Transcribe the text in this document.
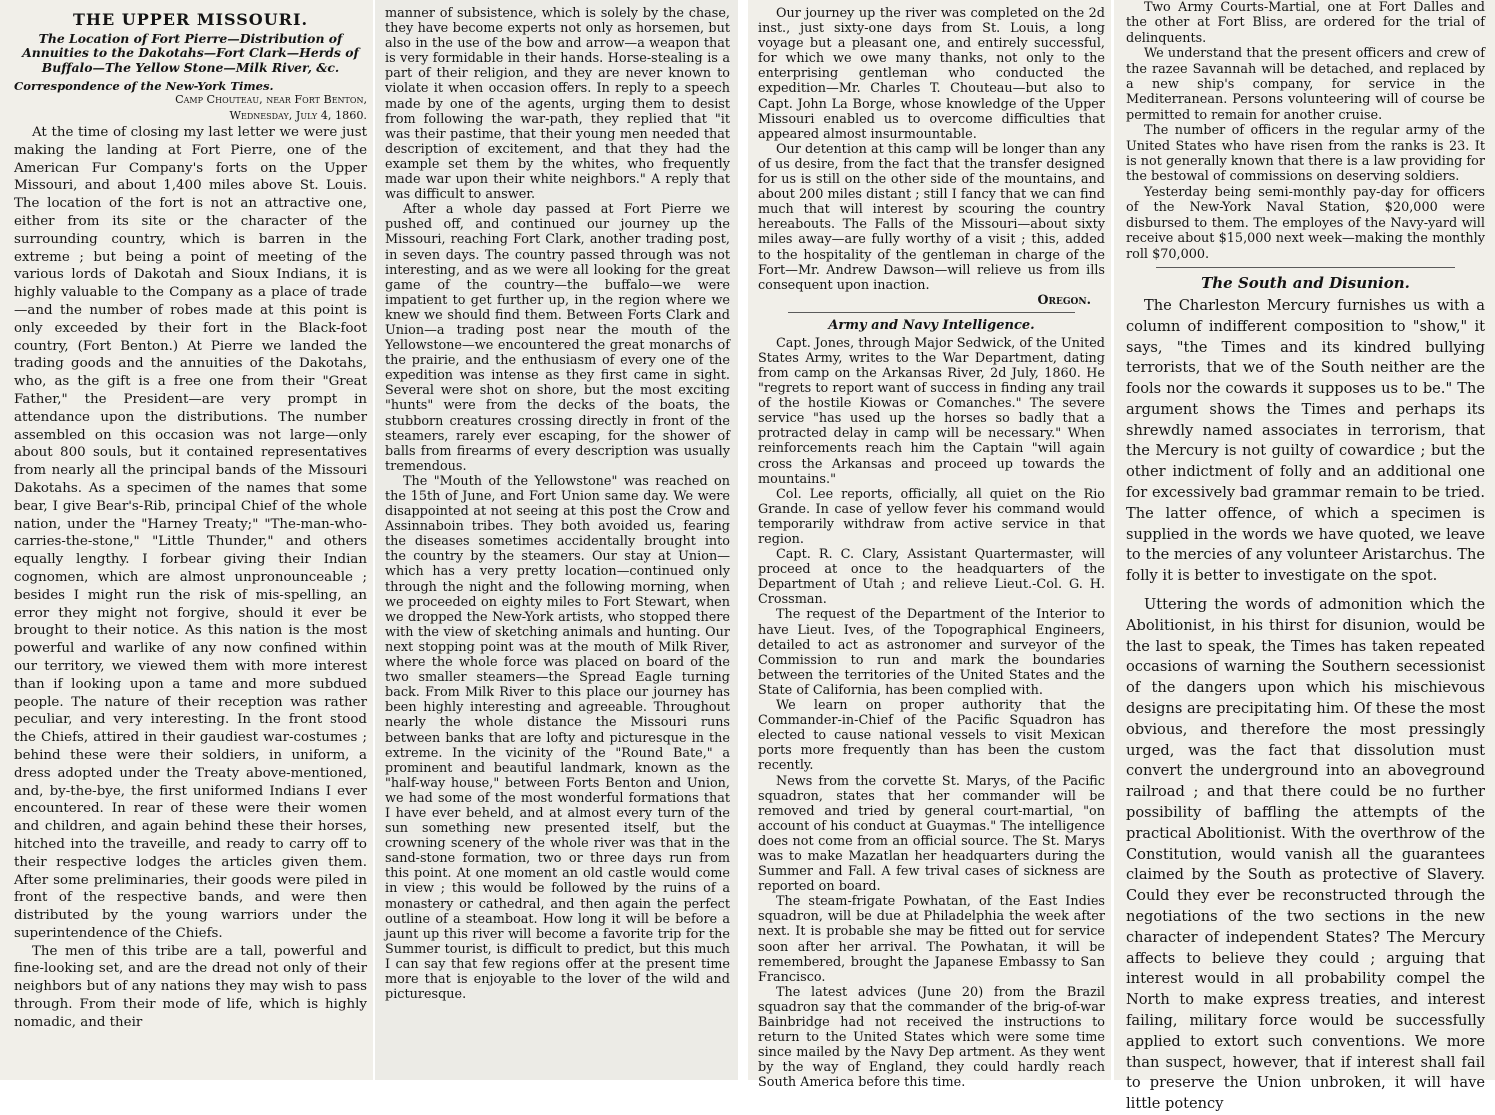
THE UPPER MISSOURI.
The Location of Fort Pierre—Distribution of Annuities to the Dakotahs—Fort Clark—Herds of Buffalo—The Yellow Stone—Milk River, &c.
Correspondence of the New-York Times.
Camp Chouteau, near Fort Benton,
Wednesday, July 4, 1860.

At the time of closing my last letter we were just making the landing at Fort Pierre, one of the American Fur Company's forts on the Upper Missouri, and about 1,400 miles above St. Louis. The location of the fort is not an attractive one, either from its site or the character of the surrounding country, which is barren in the extreme ; but being a point of meeting of the various lords of Dakotah and Sioux Indians, it is highly valuable to the Company as a place of trade —and the number of robes made at this point is only exceeded by their fort in the Black-foot country, (Fort Benton.) At Pierre we landed the trading goods and the annuities of the Dakotahs, who, as the gift is a free one from their "Great Father," the President—are very prompt in attendance upon the distributions. The number assembled on this occasion was not large—only about 800 souls, but it contained representatives from nearly all the principal bands of the Missouri Dakotahs. As a specimen of the names that some bear, I give Bear's-Rib, principal Chief of the whole nation, under the "Harney Treaty;" "The-man-who-carries-the-stone," "Little Thunder," and others equally lengthy. I forbear giving their Indian cognomen, which are almost unpronounceable ; besides I might run the risk of mis-spelling, an error they might not forgive, should it ever be brought to their notice. As this nation is the most powerful and warlike of any now confined within our territory, we viewed them with more interest than if looking upon a tame and more subdued people. The nature of their reception was rather peculiar, and very interesting. In the front stood the Chiefs, attired in their gaudiest war-costumes ; behind these were their soldiers, in uniform, a dress adopted under the Treaty above-mentioned, and, by-the-bye, the first uniformed Indians I ever encountered. In rear of these were their women and children, and again behind these their horses, hitched into the traveille, and ready to carry off to their respective lodges the articles given them. After some preliminaries, their goods were piled in front of the respective bands, and were then distributed by the young warriors under the superintendence of the Chiefs.

The men of this tribe are a tall, powerful and fine-looking set, and are the dread not only of their neighbors but of any nations they may wish to pass through. From their mode of life, which is highly nomadic, and their

manner of subsistence, which is solely by the chase, they have become experts not only as horsemen, but also in the use of the bow and arrow—a weapon that is very formidable in their hands. Horse-stealing is a part of their religion, and they are never known to violate it when occasion offers. In reply to a speech made by one of the agents, urging them to desist from following the war-path, they replied that "it was their pastime, that their young men needed that description of excitement, and that they had the example set them by the whites, who frequently made war upon their white neighbors." A reply that was difficult to answer.

After a whole day passed at Fort Pierre we pushed off, and continued our journey up the Missouri, reaching Fort Clark, another trading post, in seven days. The country passed through was not interesting, and as we were all looking for the great game of the country—the buffalo—we were impatient to get further up, in the region where we knew we should find them. Between Forts Clark and Union—a trading post near the mouth of the Yellowstone—we encountered the great monarchs of the prairie, and the enthusiasm of every one of the expedition was intense as they first came in sight. Several were shot on shore, but the most exciting "hunts" were from the decks of the boats, the stubborn creatures crossing directly in front of the steamers, rarely ever escaping, for the shower of balls from firearms of every description was usually tremendous.

The "Mouth of the Yellowstone" was reached on the 15th of June, and Fort Union same day. We were disappointed at not seeing at this post the Crow and Assinnaboin tribes. They both avoided us, fearing the diseases sometimes accidentally brought into the country by the steamers. Our stay at Union—which has a very pretty location—continued only through the night and the following morning, when we proceeded on eighty miles to Fort Stewart, when we dropped the New-York artists, who stopped there with the view of sketching animals and hunting. Our next stopping point was at the mouth of Milk River, where the whole force was placed on board of the two smaller steamers—the Spread Eagle turning back. From Milk River to this place our journey has been highly interesting and agreeable. Throughout nearly the whole distance the Missouri runs between banks that are lofty and picturesque in the extreme. In the vicinity of the "Round Bate," a prominent and beautiful landmark, known as the "half-way house," between Forts Benton and Union, we had some of the most wonderful formations that I have ever beheld, and at almost every turn of the sun something new presented itself, but the crowning scenery of the whole river was that in the sand-stone formation, two or three days run from this point. At one moment an old castle would come in view ; this would be followed by the ruins of a monastery or cathedral, and then again the perfect outline of a steamboat. How long it will be before a jaunt up this river will become a favorite trip for the Summer tourist, is difficult to predict, but this much I can say that few regions offer at the present time more that is enjoyable to the lover of the wild and picturesque.

Our journey up the river was completed on the 2d inst., just sixty-one days from St. Louis, a long voyage but a pleasant one, and entirely successful, for which we owe many thanks, not only to the enterprising gentleman who conducted the expedition—Mr. Charles T. Chouteau—but also to Capt. John La Borge, whose knowledge of the Upper Missouri enabled us to overcome difficulties that appeared almost insurmountable.

Our detention at this camp will be longer than any of us desire, from the fact that the transfer designed for us is still on the other side of the mountains, and about 200 miles distant ; still I fancy that we can find much that will interest by scouring the country hereabouts. The Falls of the Missouri—about sixty miles away—are fully worthy of a visit ; this, added to the hospitality of the gentleman in charge of the Fort—Mr. Andrew Dawson—will relieve us from ills consequent upon inaction.

Oregon.
Army and Navy Intelligence.

Capt. Jones, through Major Sedwick, of the United States Army, writes to the War Department, dating from camp on the Arkansas River, 2d July, 1860. He "regrets to report want of success in finding any trail of the hostile Kiowas or Comanches." The severe service "has used up the horses so badly that a protracted delay in camp will be necessary." When reinforcements reach him the Captain "will again cross the Arkansas and proceed up towards the mountains."

Col. Lee reports, officially, all quiet on the Rio Grande. In case of yellow fever his command would temporarily withdraw from active service in that region.

Capt. R. C. Clary, Assistant Quartermaster, will proceed at once to the headquarters of the Department of Utah ; and relieve Lieut.-Col. G. H. Crossman.

The request of the Department of the Interior to have Lieut. Ives, of the Topographical Engineers, detailed to act as astronomer and surveyor of the Commission to run and mark the boundaries between the territories of the United States and the State of California, has been complied with.

We learn on proper authority that the Commander-in-Chief of the Pacific Squadron has elected to cause national vessels to visit Mexican ports more frequently than has been the custom recently.

News from the corvette St. Marys, of the Pacific squadron, states that her commander will be removed and tried by general court-martial, "on account of his conduct at Guaymas." The intelligence does not come from an official source. The St. Marys was to make Mazatlan her headquarters during the Summer and Fall. A few trival cases of sickness are reported on board.

The steam-frigate Powhatan, of the East Indies squadron, will be due at Philadelphia the week after next. It is probable she may be fitted out for service soon after her arrival. The Powhatan, it will be remembered, brought the Japanese Embassy to San Francisco.

The latest advices (June 20) from the Brazil squadron say that the commander of the brig-of-war Bainbridge had not received the instructions to return to the United States which were some time since mailed by the Navy Dep artment. As they went by the way of England, they could hardly reach South America before this time.

Two Army Courts-Martial, one at Fort Dalles and the other at Fort Bliss, are ordered for the trial of delinquents.

We understand that the present officers and crew of the razee Savannah will be detached, and replaced by a new ship's company, for service in the Mediterranean. Persons volunteering will of course be permitted to remain for another cruise.

The number of officers in the regular army of the United States who have risen from the ranks is 23. It is not generally known that there is a law providing for the bestowal of commissions on deserving soldiers.

Yesterday being semi-monthly pay-day for officers of the New-York Naval Station, $20,000 were disbursed to them. The employes of the Navy-yard will receive about $15,000 next week—making the monthly roll $70,000.

The South and Disunion.

The Charleston Mercury furnishes us with a column of indifferent composition to "show," it says, "the Times and its kindred bullying terrorists, that we of the South neither are the fools nor the cowards it supposes us to be." The argument shows the Times and perhaps its shrewdly named associates in terrorism, that the Mercury is not guilty of cowardice ; but the other indictment of folly and an additional one for excessively bad grammar remain to be tried. The latter offence, of which a specimen is supplied in the words we have quoted, we leave to the mercies of any volunteer Aristarchus. The folly it is better to investigate on the spot.

Uttering the words of admonition which the Abolitionist, in his thirst for disunion, would be the last to speak, the Times has taken repeated occasions of warning the Southern secessionist of the dangers upon which his mischievous designs are precipitating him. Of these the most obvious, and therefore the most pressingly urged, was the fact that dissolution must convert the underground into an aboveground railroad ; and that there could be no further possibility of baffling the attempts of the practical Abolitionist. With the overthrow of the Constitution, would vanish all the guarantees claimed by the South as protective of Slavery. Could they ever be reconstructed through the negotiations of the two sections in the new character of independent States? The Mercury affects to believe they could ; arguing that interest would in all probability compel the North to make express treaties, and interest failing, military force would be successfully applied to extort such conventions. We more than suspect, however, that if interest shall fail to preserve the Union unbroken, it will have little potency
